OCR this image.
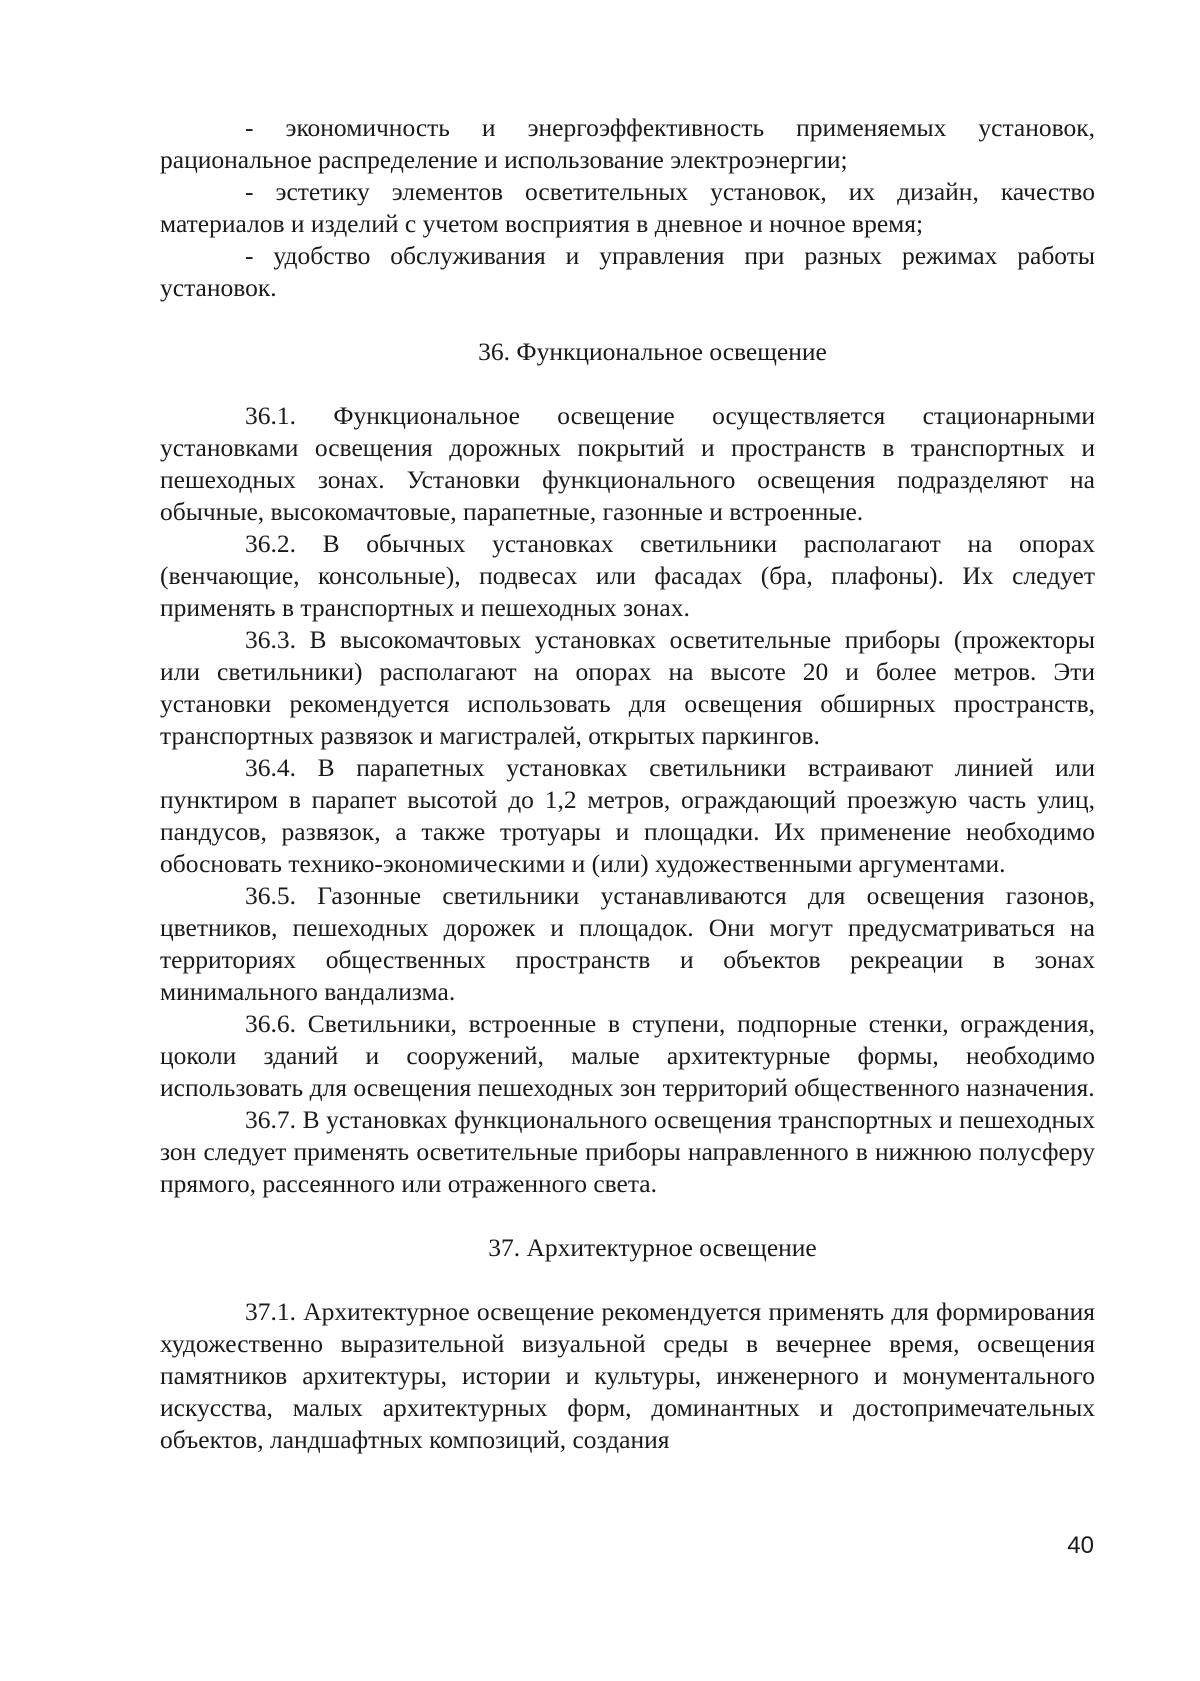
- экономичность и энергоэффективность применяемых установок, рациональное распределение и использование электроэнергии;

- эстетику элементов осветительных установок, их дизайн, качество материалов и изделий с учетом восприятия в дневное и ночное время;

- удобство обслуживания и управления при разных режимах работы установок.

36. Функциональное освещение

36.1. Функциональное освещение осуществляется стационарными установками освещения дорожных покрытий и пространств в транспортных и пешеходных зонах. Установки функционального освещения подразделяют на обычные, высокомачтовые, парапетные, газонные и встроенные.

36.2. В обычных установках светильники располагают на опорах (венчающие, консольные), подвесах или фасадах (бра, плафоны). Их следует применять в транспортных и пешеходных зонах.

36.3. В высокомачтовых установках осветительные приборы (прожекторы или светильники) располагают на опорах на высоте 20 и более метров. Эти установки рекомендуется использовать для освещения обширных пространств, транспортных развязок и магистралей, открытых паркингов.

36.4. В парапетных установках светильники встраивают линией или пунктиром в парапет высотой до 1,2 метров, ограждающий проезжую часть улиц, пандусов, развязок, а также тротуары и площадки. Их применение необходимо обосновать технико-экономическими и (или) художественными аргументами.

36.5. Газонные светильники устанавливаются для освещения газонов, цветников, пешеходных дорожек и площадок. Они могут предусматриваться на территориях общественных пространств и объектов рекреации в зонах минимального вандализма.

36.6. Светильники, встроенные в ступени, подпорные стенки, ограждения, цоколи зданий и сооружений, малые архитектурные формы, необходимо использовать для освещения пешеходных зон территорий общественного назначения.

36.7. В установках функционального освещения транспортных и пешеходных зон следует применять осветительные приборы направленного в нижнюю полусферу прямого, рассеянного или отраженного света.

37. Архитектурное освещение

37.1. Архитектурное освещение рекомендуется применять для формирования художественно выразительной визуальной среды в вечернее время, освещения памятников архитектуры, истории и культуры, инженерного и монументального искусства, малых архитектурных форм, доминантных и достопримечательных объектов, ландшафтных композиций, создания

40
